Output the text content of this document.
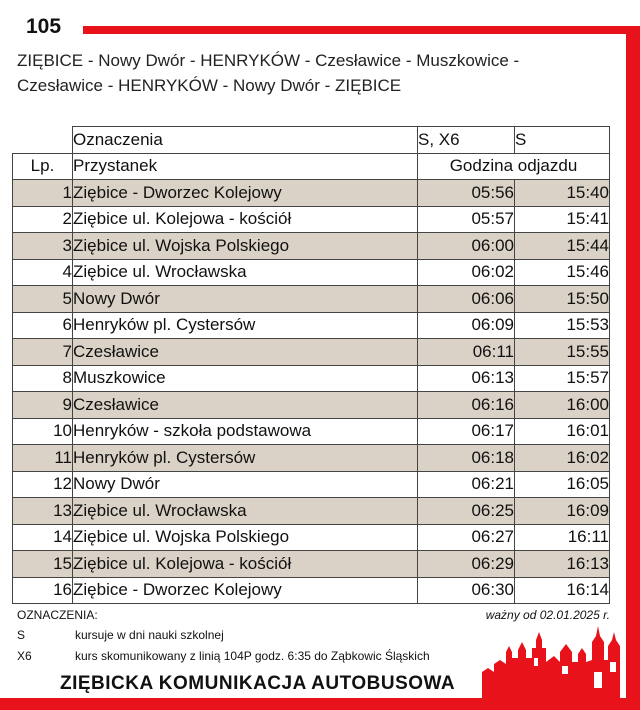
105
ZIĘBICE - Nowy Dwór - HENRYKÓW - Czesławice - Muszkowice -
Czesławice - HENRYKÓW - Nowy Dwór - ZIĘBICE
	Oznaczenia	S, X6	S
Lp.	Przystanek	Godzina odjazdu	
1	Ziębice - Dworzec Kolejowy	05:56	15:40
2	Ziębice ul. Kolejowa - kościół	05:57	15:41
3	Ziębice ul. Wojska Polskiego	06:00	15:44
4	Ziębice ul. Wrocławska	06:02	15:46
5	Nowy Dwór	06:06	15:50
6	Henryków pl. Cystersów	06:09	15:53
7	Czesławice	06:11	15:55
8	Muszkowice	06:13	15:57
9	Czesławice	06:16	16:00
10	Henryków - szkoła podstawowa	06:17	16:01
11	Henryków pl. Cystersów	06:18	16:02
12	Nowy Dwór	06:21	16:05
13	Ziębice ul. Wrocławska	06:25	16:09
14	Ziębice ul. Wojska Polskiego	06:27	16:11
15	Ziębice ul. Kolejowa - kościół	06:29	16:13
16	Ziębice - Dworzec Kolejowy	06:30	16:14
OZNACZENIA:	ważny od 02.01.2025 r.
S	kursuje w dni nauki szkolnej
X6	kurs skomunikowany z linią 104P godz. 6:35 do Ząbkowic Śląskich
ZIĘBICKA KOMUNIKACJA AUTOBUSOWA
